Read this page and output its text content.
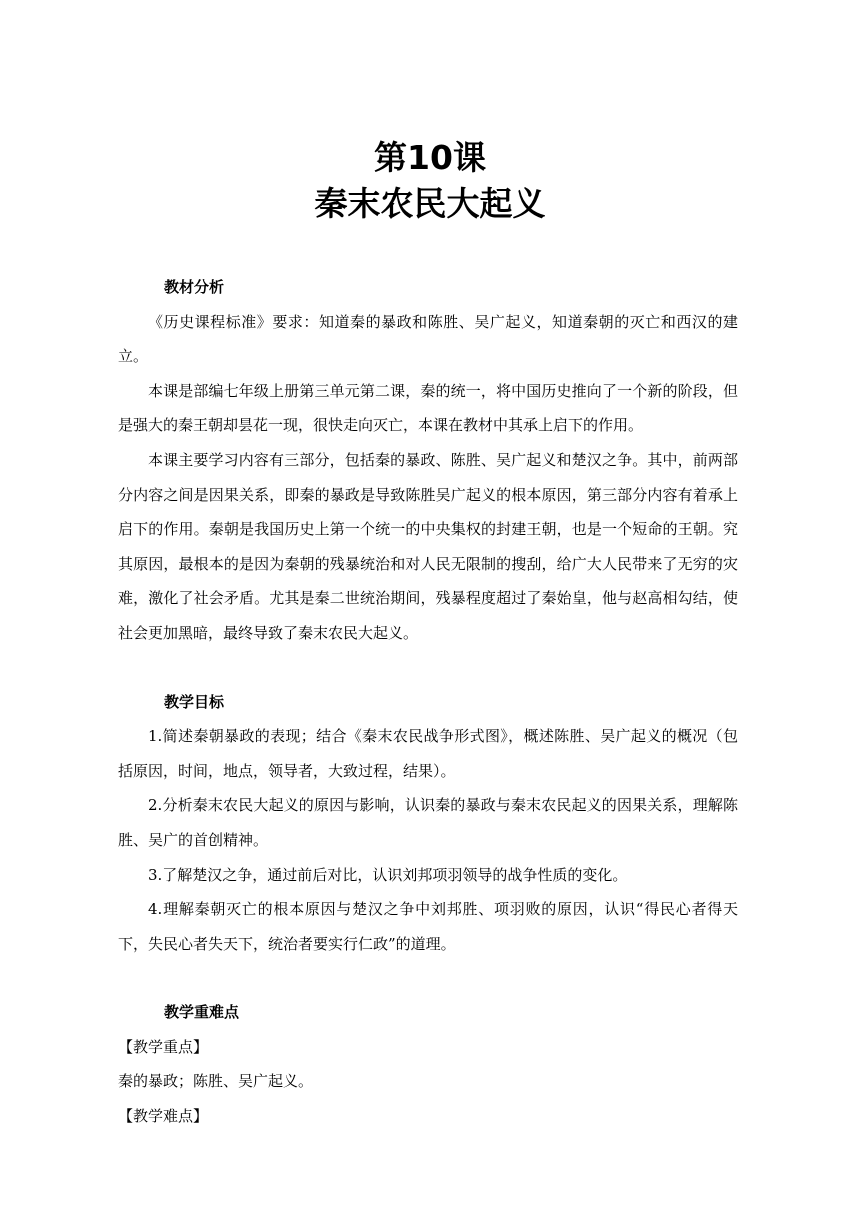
第10课
秦末农民大起义

教材分析

《历史课程标准》要求：知道秦的暴政和陈胜、吴广起义，知道秦朝的灭亡和西汉的建立。

本课是部编七年级上册第三单元第二课，秦的统一，将中国历史推向了一个新的阶段，但是强大的秦王朝却昙花一现，很快走向灭亡，本课在教材中其承上启下的作用。

本课主要学习内容有三部分，包括秦的暴政、陈胜、吴广起义和楚汉之争。其中，前两部分内容之间是因果关系，即秦的暴政是导致陈胜吴广起义的根本原因，第三部分内容有着承上启下的作用。秦朝是我国历史上第一个统一的中央集权的封建王朝，也是一个短命的王朝。究其原因，最根本的是因为秦朝的残暴统治和对人民无限制的搜刮，给广大人民带来了无穷的灾难，激化了社会矛盾。尤其是秦二世统治期间，残暴程度超过了秦始皇，他与赵高相勾结，使社会更加黑暗，最终导致了秦末农民大起义。

教学目标

1.简述秦朝暴政的表现；结合《秦末农民战争形式图》，概述陈胜、吴广起义的概况（包括原因，时间，地点，领导者，大致过程，结果）。

2.分析秦末农民大起义的原因与影响，认识秦的暴政与秦末农民起义的因果关系，理解陈胜、吴广的首创精神。

3.了解楚汉之争，通过前后对比，认识刘邦项羽领导的战争性质的变化。

4.理解秦朝灭亡的根本原因与楚汉之争中刘邦胜、项羽败的原因，认识“得民心者得天下，失民心者失天下，统治者要实行仁政”的道理。

教学重难点

【教学重点】

秦的暴政；陈胜、吴广起义。

【教学难点】
